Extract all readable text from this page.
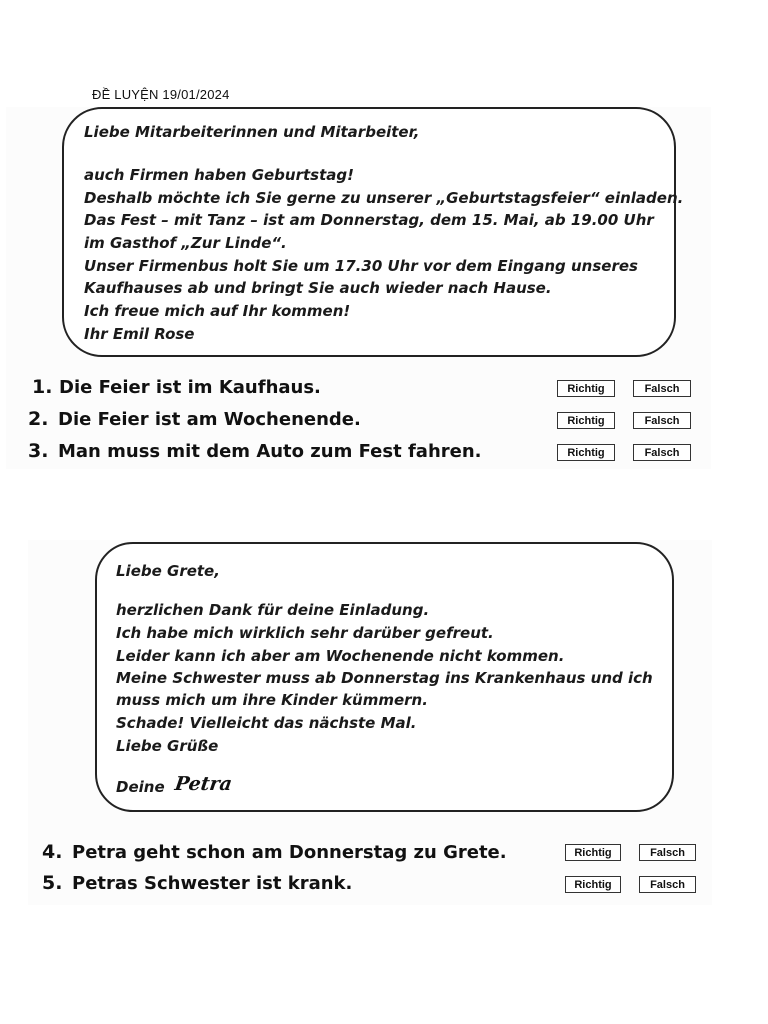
ĐỀ LUYỆN 19/01/2024
Liebe Mitarbeiterinnen und Mitarbeiter,
auch Firmen haben Geburtstag!
Deshalb möchte ich Sie gerne zu unserer „Geburtstagsfeier“ einladen.
Das Fest – mit Tanz – ist am Donnerstag, dem 15. Mai, ab 19.00 Uhr
im Gasthof „Zur Linde“.
Unser Firmenbus holt Sie um 17.30 Uhr vor dem Eingang unseres
Kaufhauses ab und bringt Sie auch wieder nach Hause.
Ich freue mich auf Ihr kommen!
Ihr Emil Rose
1. Die Feier ist im Kaufhaus.	Richtig	Falsch
2. Die Feier ist am Wochenende.	Richtig	Falsch
3. Man muss mit dem Auto zum Fest fahren.	Richtig	Falsch
Liebe Grete,
herzlichen Dank für deine Einladung.
Ich habe mich wirklich sehr darüber gefreut.
Leider kann ich aber am Wochenende nicht kommen.
Meine Schwester muss ab Donnerstag ins Krankenhaus und ich
muss mich um ihre Kinder kümmern.
Schade! Vielleicht das nächste Mal.
Liebe Grüße
Deine Petra
4. Petra geht schon am Donnerstag zu Grete.	Richtig	Falsch
5. Petras Schwester ist krank.	Richtig	Falsch
